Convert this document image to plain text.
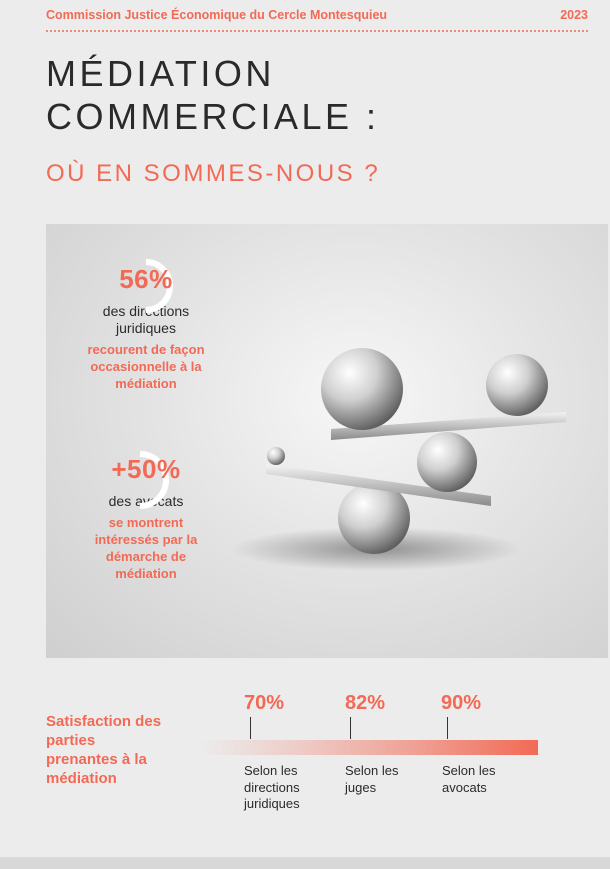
Commission Justice Économique du Cercle Montesquieu	2023
MÉDIATION
COMMERCIALE :
OÙ EN SOMMES-NOUS ?
56%
des directions juridiques
recourent de façon occasionnelle à la médiation
+50%
des avocats
se montrent intéressés par la démarche de médiation
Satisfaction des parties prenantes à la médiation
70%
Selon les directions juridiques
82%
Selon les juges
90%
Selon les avocats
